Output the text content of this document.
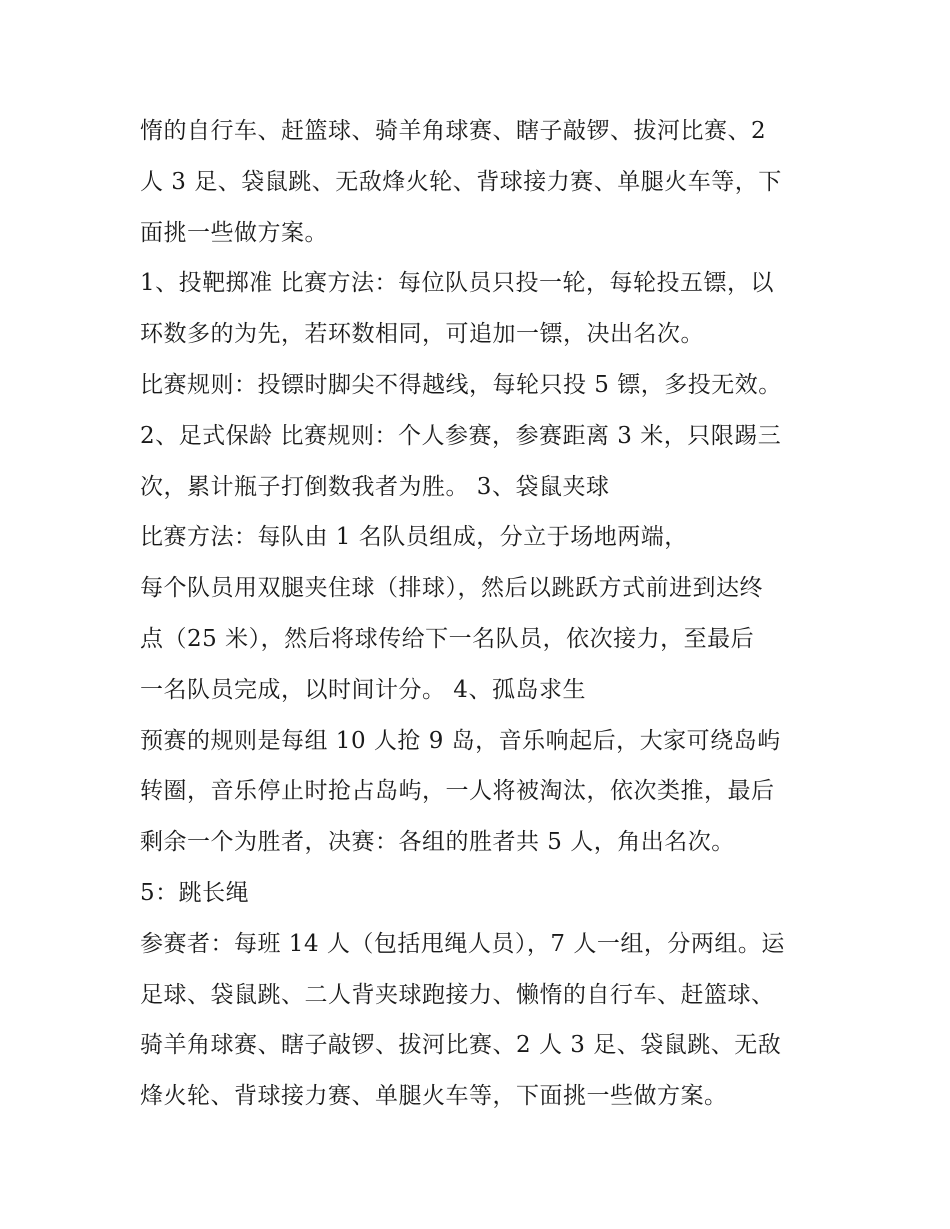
惰的自行车、赶篮球、骑羊角球赛、瞎子敲锣、拔河比赛、2
人 3 足、袋鼠跳、无敌烽火轮、背球接力赛、单腿火车等，下
面挑一些做方案。
1、投靶掷准 比赛方法：每位队员只投一轮，每轮投五镖，以
环数多的为先，若环数相同，可追加一镖，决出名次。
比赛规则：投镖时脚尖不得越线，每轮只投 5 镖，多投无效。
2、足式保龄 比赛规则：个人参赛，参赛距离 3 米，只限踢三
次，累计瓶子打倒数我者为胜。 3、袋鼠夹球
比赛方法：每队由 1 名队员组成，分立于场地两端，
每个队员用双腿夹住球（排球），然后以跳跃方式前进到达终
点（25 米），然后将球传给下一名队员，依次接力，至最后
一名队员完成，以时间计分。 4、孤岛求生
预赛的规则是每组 10 人抢 9 岛，音乐响起后，大家可绕岛屿
转圈，音乐停止时抢占岛屿，一人将被淘汰，依次类推，最后
剩余一个为胜者，决赛：各组的胜者共 5 人，角出名次。
5：跳长绳
参赛者：每班 14 人（包括甩绳人员），7 人一组，分两组。运
足球、袋鼠跳、二人背夹球跑接力、懒惰的自行车、赶篮球、
骑羊角球赛、瞎子敲锣、拔河比赛、2 人 3 足、袋鼠跳、无敌
烽火轮、背球接力赛、单腿火车等，下面挑一些做方案。
